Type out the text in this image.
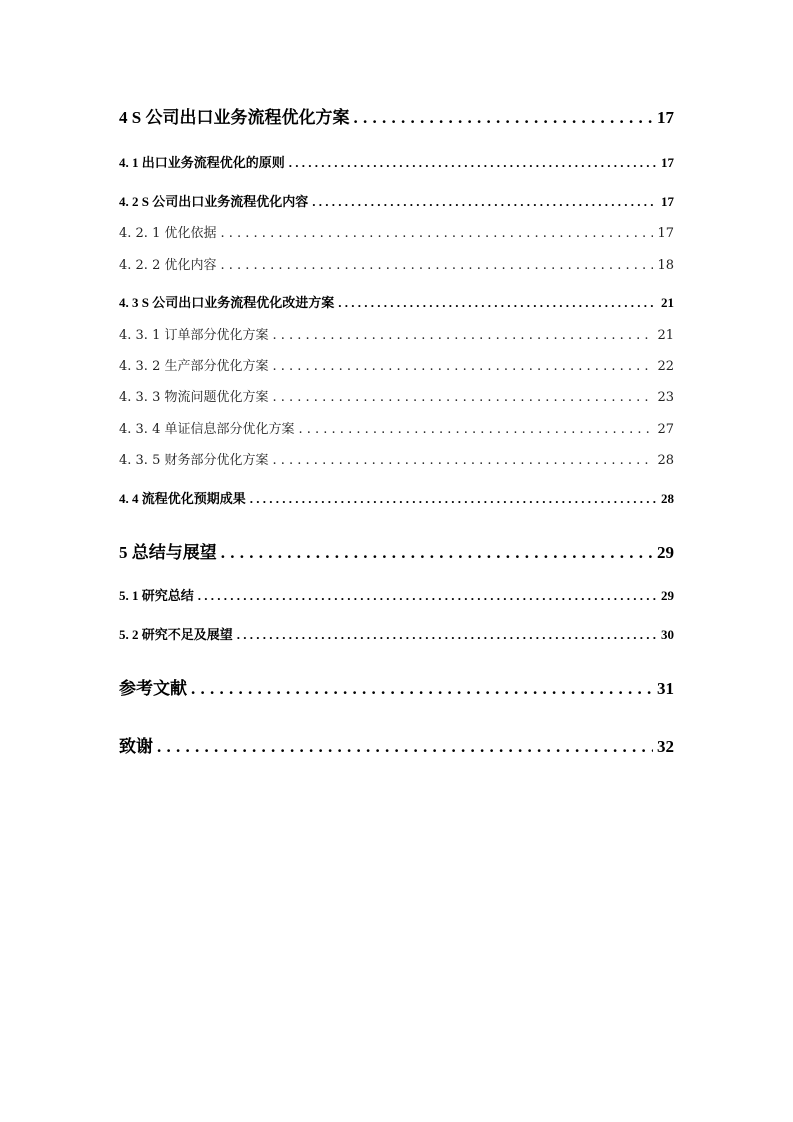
4 S 公司出口业务流程优化方案 . . .	17
4. 1 出口业务流程优化的原则 . . .	17
4. 2 S 公司出口业务流程优化内容 . . .	17
4. 2. 1 优化依据 . . .	17
4. 2. 2 优化内容 . . .	18
4. 3 S 公司出口业务流程优化改进方案 . . .	21
4. 3. 1 订单部分优化方案 . . .	21
4. 3. 2 生产部分优化方案 . . .	22
4. 3. 3 物流问题优化方案 . . .	23
4. 3. 4 单证信息部分优化方案 . . .	27
4. 3. 5 财务部分优化方案 . . .	28
4. 4 流程优化预期成果 . . .	28
5 总结与展望 . . .	29
5. 1 研究总结 . . .	29
5. 2 研究不足及展望 . . .	30
参考文献 . . .	31
致谢 . . .	32
